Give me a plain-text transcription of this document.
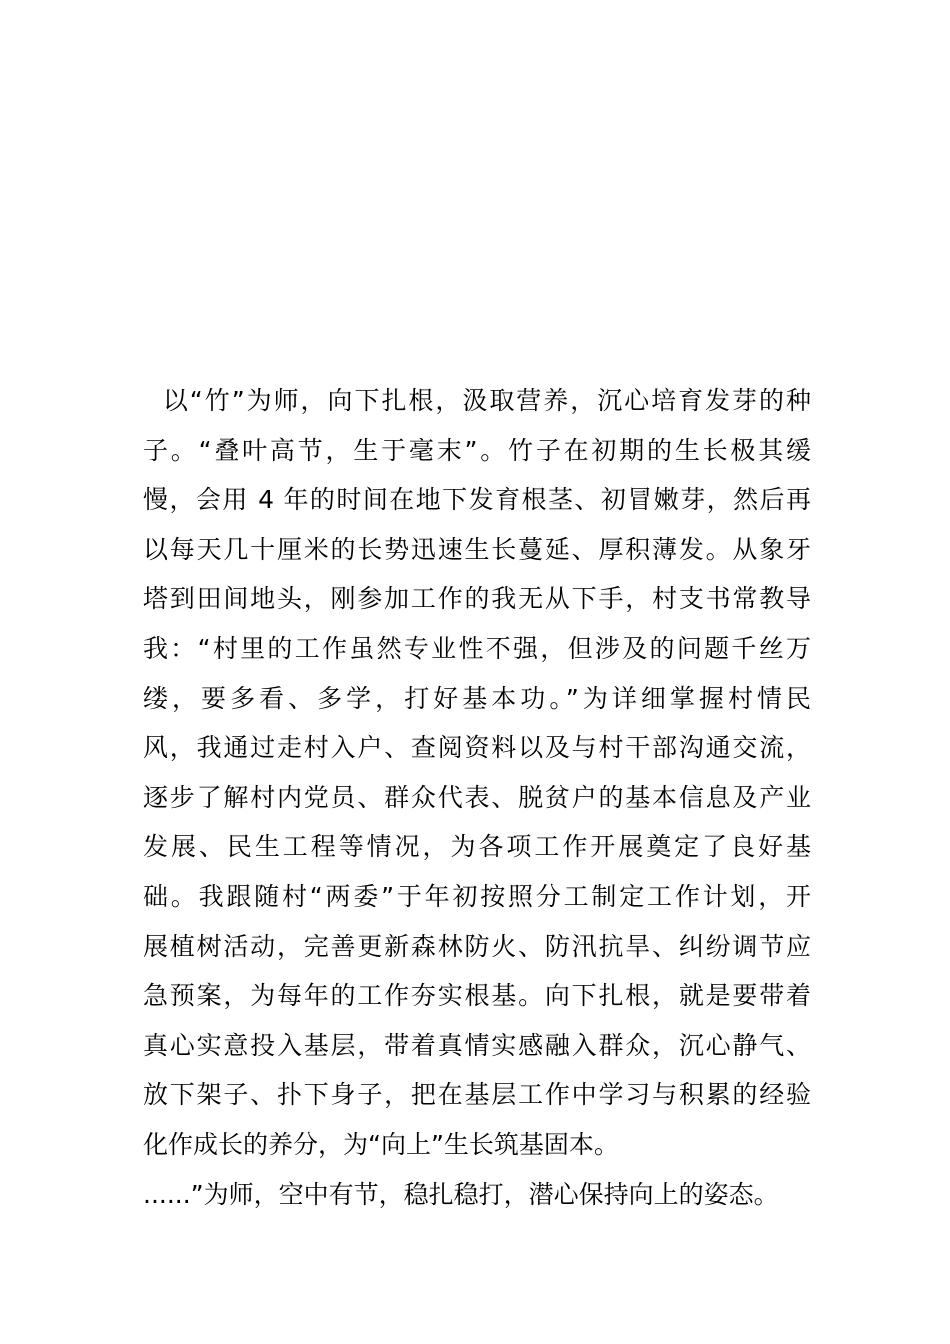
以“竹”为师，向下扎根，汲取营养，沉心培育发芽的种
子。“叠叶高节，生于毫末”。竹子在初期的生长极其缓
慢，会用 4 年的时间在地下发育根茎、初冒嫩芽，然后再
以每天几十厘米的长势迅速生长蔓延、厚积薄发。从象牙
塔到田间地头，刚参加工作的我无从下手，村支书常教导
我：“村里的工作虽然专业性不强，但涉及的问题千丝万
缕，要多看、多学，打好基本功。”为详细掌握村情民
风，我通过走村入户、查阅资料以及与村干部沟通交流，
逐步了解村内党员、群众代表、脱贫户的基本信息及产业
发展、民生工程等情况，为各项工作开展奠定了良好基
础。我跟随村“两委”于年初按照分工制定工作计划，开
展植树活动，完善更新森林防火、防汛抗旱、纠纷调节应
急预案，为每年的工作夯实根基。向下扎根，就是要带着
真心实意投入基层，带着真情实感融入群众，沉心静气、
放下架子、扑下身子，把在基层工作中学习与积累的经验
化作成长的养分，为“向上”生长筑基固本。
......”为师，空中有节，稳扎稳打，潜心保持向上的姿态。
